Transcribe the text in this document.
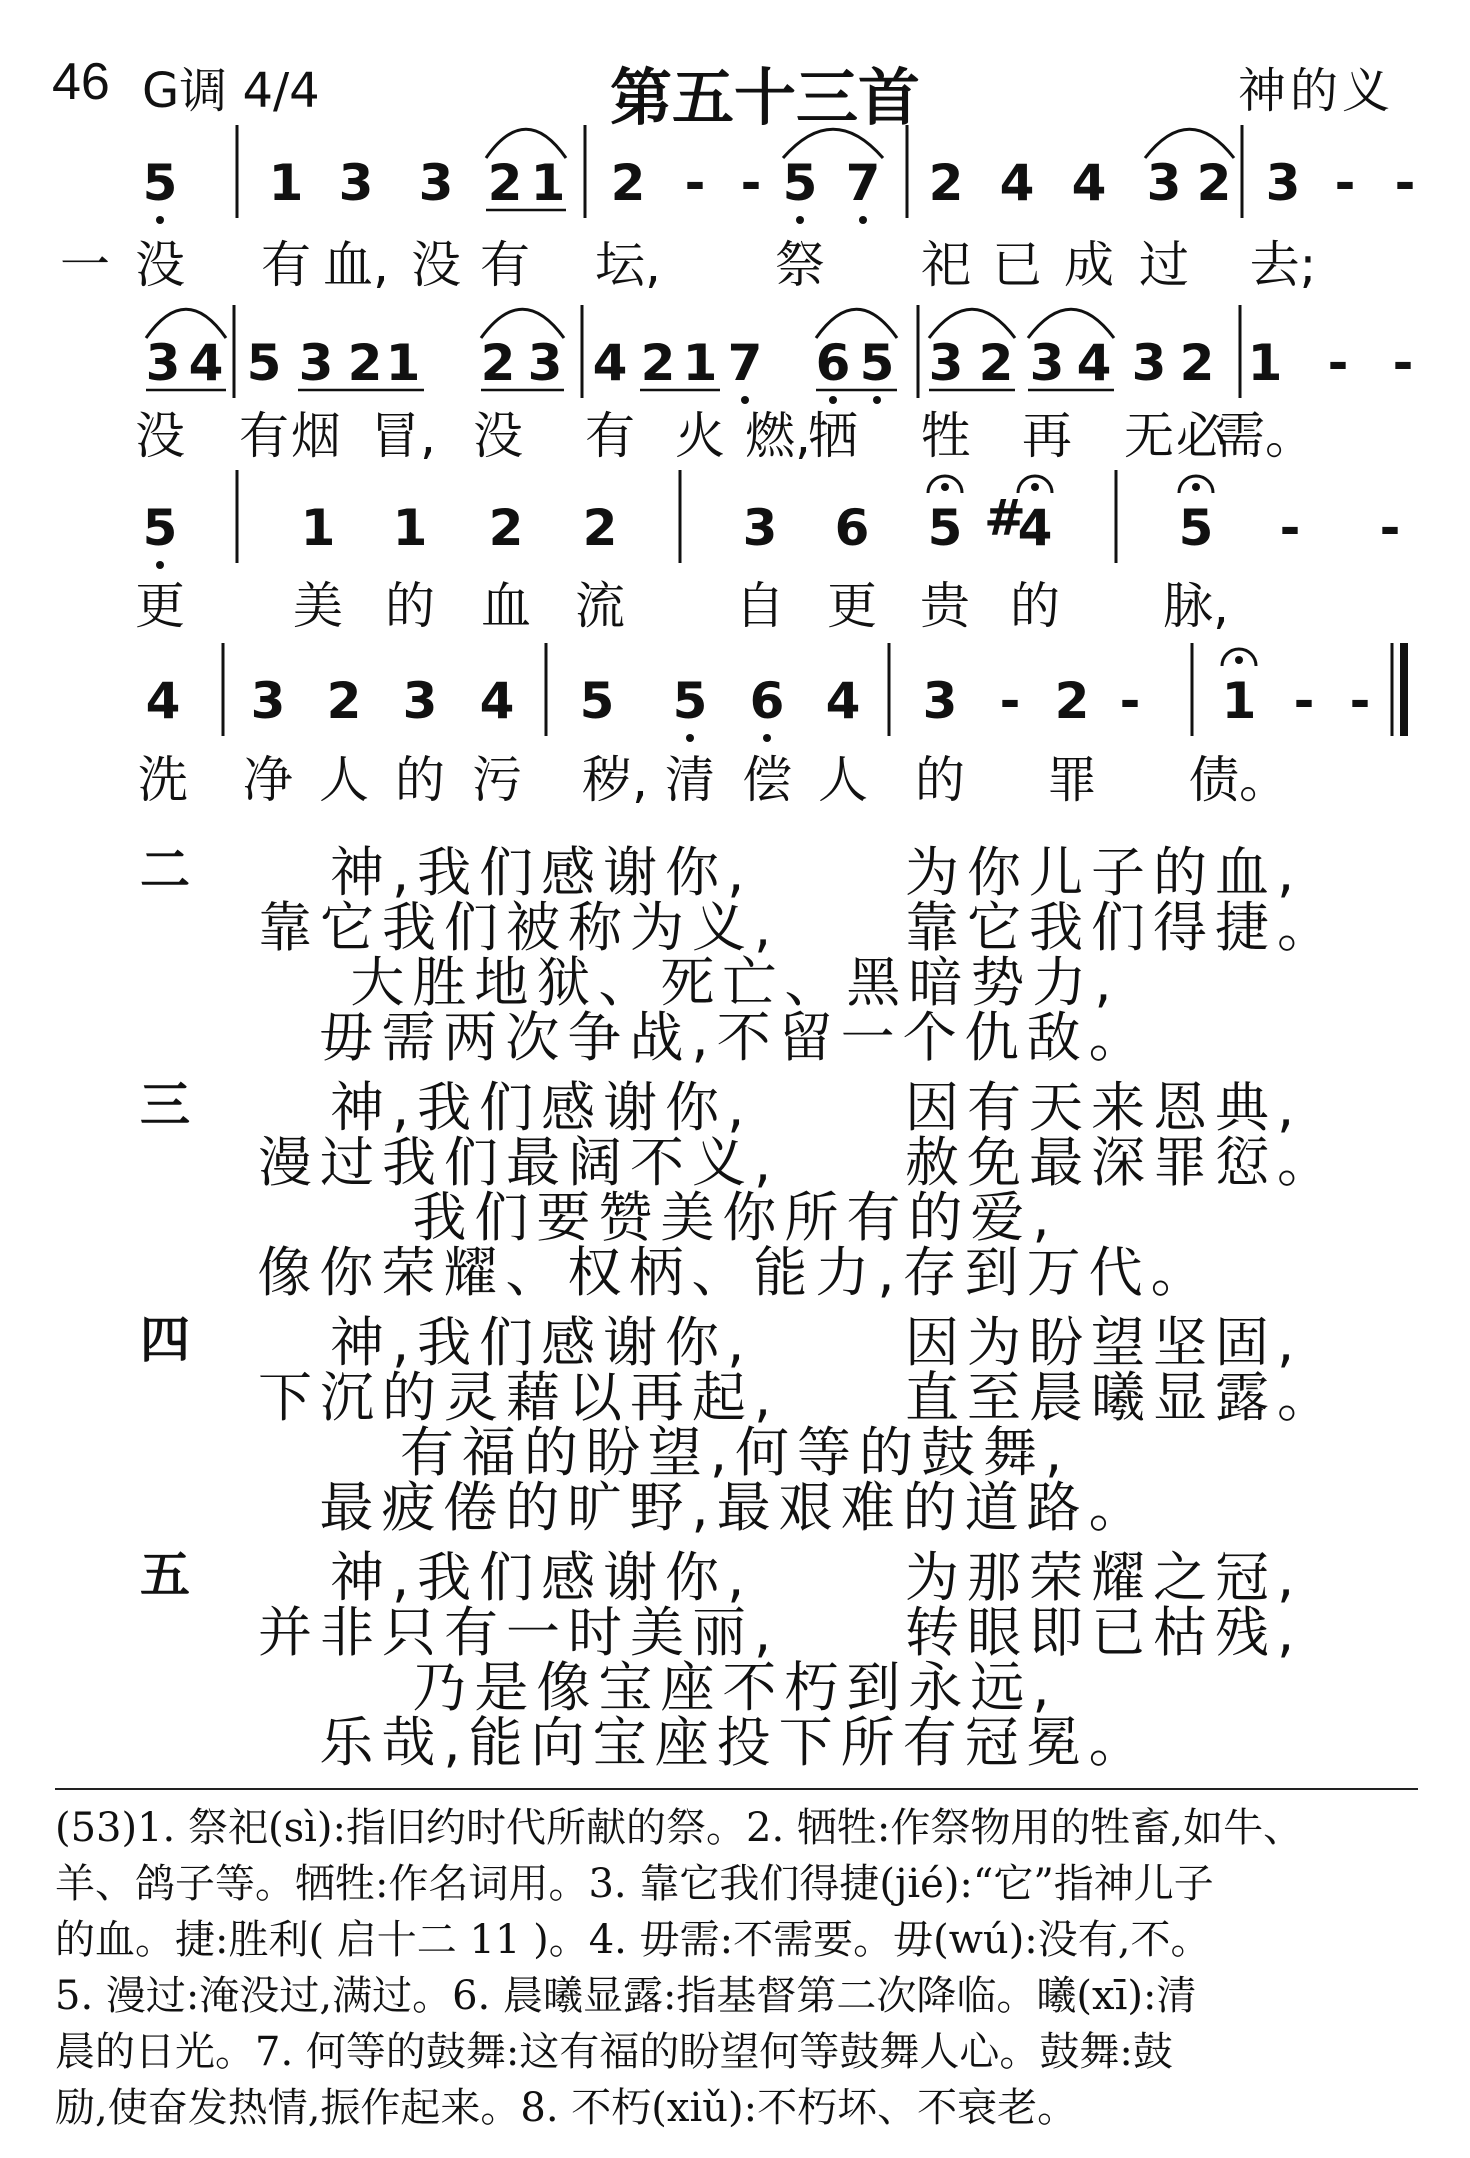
46 G调 4/4	第五十三首	神的义
5 1 3 3 2 1 2 - - 5 7 2 4 4 3 2 3 - -
一 没 有 血, 没 有 坛, 祭 祀 已 成 过 去;
3 4 5 3 2 1 2 3 4 2 1 7 6 5 3 2 3 4 3 2 1 - -
没 有 烟 冒, 没 有 火 燃,
牺 牲 再 无 必
需。
5 1 1 2 2	3 6 5 4
#	5 - -
更 美 的 血 流 自 更 贵 的 脉,
4 3 2 3 4 5 5 6 4 3 - 2 - 1 - -
洗 净 人 的 污 秽, 清 偿 人 的 罪 债。
二	神,我们感谢你,	为你儿子的血,
靠它我们被称为义, 靠它我们得捷。
大胜地狱、死亡、黑暗势力,
毋需两次争战,不留一个仇敌。
三	神,我们感谢你,	因有天来恩典,
漫过我们最阔不义, 赦免最深罪愆。
我们要赞美你所有的爱,
像你荣耀、权柄、能力,存到万代。
四	神,我们感谢你,	因为盼望坚固,
下沉的灵藉以再起, 直至晨曦显露。
有福的盼望,何等的鼓舞,
最疲倦的旷野,最艰难的道路。
五	神,我们感谢你,	为那荣耀之冠,
并非只有一时美丽, 转眼即已枯残,
乃是像宝座不朽到永远,
乐哉,能向宝座投下所有冠冕。
(53)1. 祭祀(sì):指旧约时代所献的祭。2. 牺牲:作祭物用的牲畜,如牛、
羊、鸽子等。牺牲:作名词用。3. 靠它我们得捷(jié):“它”指神儿子
的血。捷:胜利( 启十二 11 )。4. 毋需:不需要。毋(wú):没有,不。
5. 漫过:淹没过,满过。6. 晨曦显露:指基督第二次降临。曦(xī):清
晨的日光。7. 何等的鼓舞:这有福的盼望何等鼓舞人心。鼓舞:鼓
励,使奋发热情,振作起来。8. 不朽(xiǔ):不朽坏、不衰老。
